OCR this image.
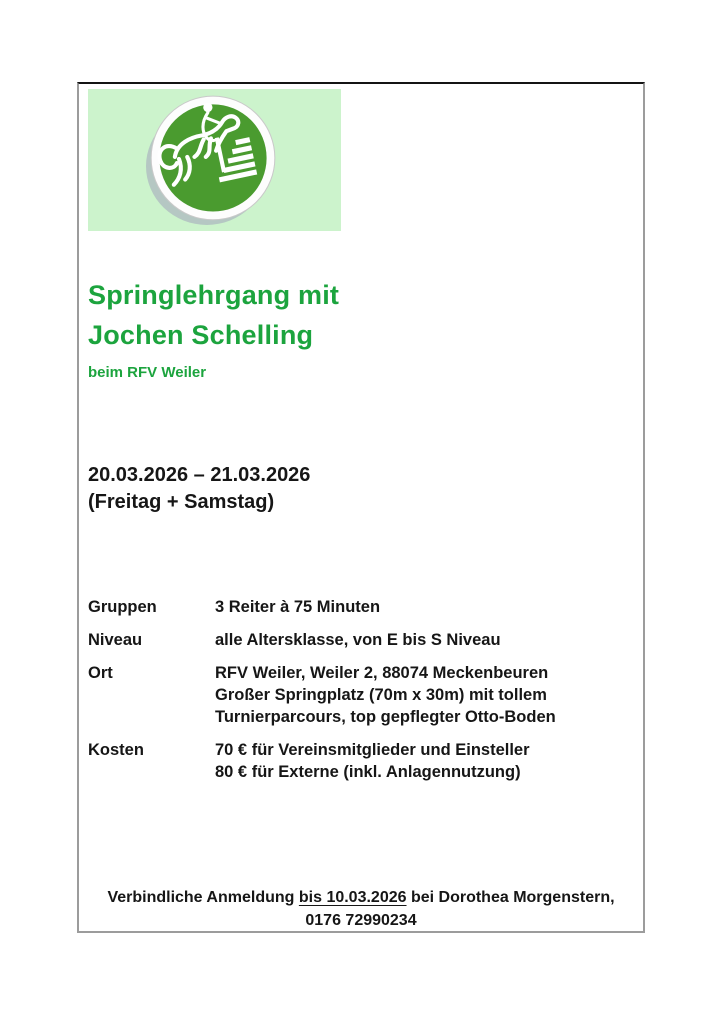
Springlehrgang mit
Jochen Schelling
beim RFV Weiler
20.03.2026 – 21.03.2026
(Freitag + Samstag)
Gruppen	3 Reiter à 75 Minuten
Niveau	alle Altersklasse, von E bis S Niveau
Ort	RFV Weiler, Weiler 2, 88074 Meckenbeuren
Großer Springplatz (70m x 30m) mit tollem
Turnierparcours, top gepflegter Otto-Boden
Kosten	70 € für Vereinsmitglieder und Einsteller
80 € für Externe (inkl. Anlagennutzung)
Verbindliche Anmeldung bis 10.03.2026 bei Dorothea Morgenstern,
0176 72990234
